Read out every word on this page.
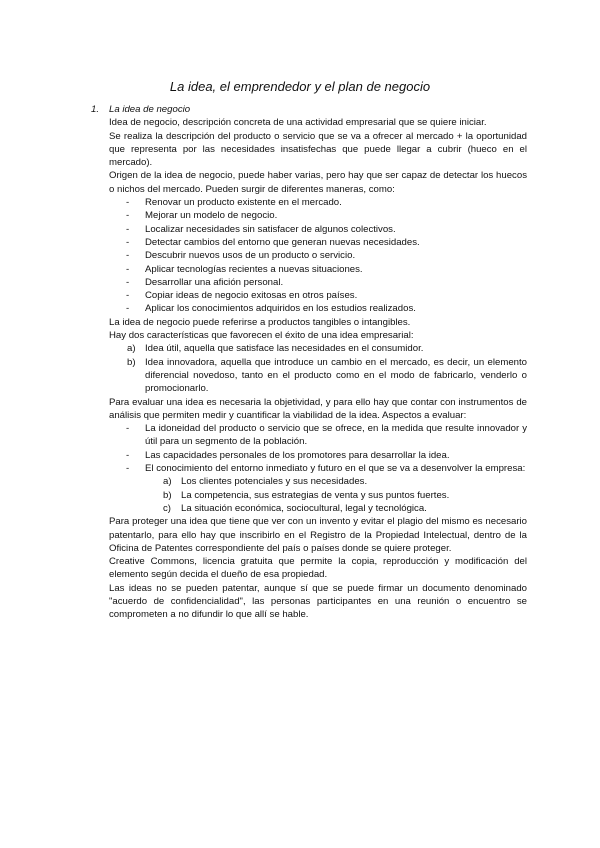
La idea, el emprendedor y el plan de negocio

1. La idea de negocio

Idea de negocio, descripción concreta de una actividad empresarial que se quiere iniciar.

Se realiza la descripción del producto o servicio que se va a ofrecer al mercado + la oportunidad que representa por las necesidades insatisfechas que puede llegar a cubrir (hueco en el mercado).

Origen de la idea de negocio, puede haber varias, pero hay que ser capaz de detectar los huecos o nichos del mercado. Pueden surgir de diferentes maneras, como:

- Renovar un producto existente en el mercado.
- Mejorar un modelo de negocio.
- Localizar necesidades sin satisfacer de algunos colectivos.
- Detectar cambios del entorno que generan nuevas necesidades.
- Descubrir nuevos usos de un producto o servicio.
- Aplicar tecnologías recientes a nuevas situaciones.
- Desarrollar una afición personal.
- Copiar ideas de negocio exitosas en otros países.
- Aplicar los conocimientos adquiridos en los estudios realizados.

La idea de negocio puede referirse a productos tangibles o intangibles.

Hay dos características que favorecen el éxito de una idea empresarial:

a) Idea útil, aquella que satisface las necesidades en el consumidor.
b) Idea innovadora, aquella que introduce un cambio en el mercado, es decir, un elemento diferencial novedoso, tanto en el producto como en el modo de fabricarlo, venderlo o promocionarlo.

Para evaluar una idea es necesaria la objetividad, y para ello hay que contar con instrumentos de análisis que permiten medir y cuantificar la viabilidad de la idea. Aspectos a evaluar:

- La idoneidad del producto o servicio que se ofrece, en la medida que resulte innovador y útil para un segmento de la población.
- Las capacidades personales de los promotores para desarrollar la idea.
- El conocimiento del entorno inmediato y futuro en el que se va a desenvolver la empresa:
a) Los clientes potenciales y sus necesidades.
b) La competencia, sus estrategias de venta y sus puntos fuertes.
c) La situación económica, sociocultural, legal y tecnológica.

Para proteger una idea que tiene que ver con un invento y evitar el plagio del mismo es necesario patentarlo, para ello hay que inscribirlo en el Registro de la Propiedad Intelectual, dentro de la Oficina de Patentes correspondiente del país o países donde se quiere proteger.

Creative Commons, licencia gratuita que permite la copia, reproducción y modificación del elemento según decida el dueño de esa propiedad.

Las ideas no se pueden patentar, aunque sí que se puede firmar un documento denominado "acuerdo de confidencialidad", las personas participantes en una reunión o encuentro se comprometen a no difundir lo que allí se hable.
